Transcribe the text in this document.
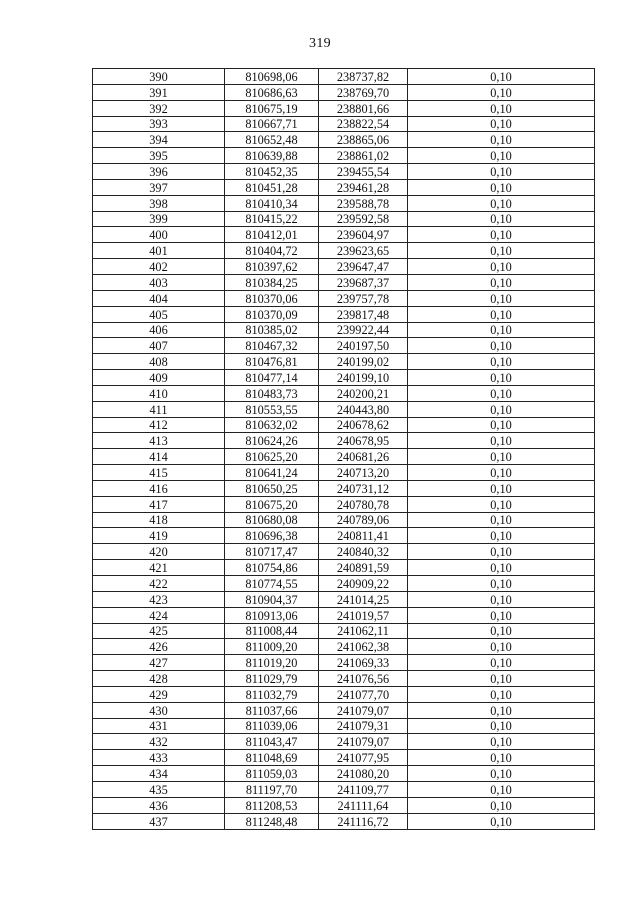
319
390	810698,06	238737,82	0,10
391	810686,63	238769,70	0,10
392	810675,19	238801,66	0,10
393	810667,71	238822,54	0,10
394	810652,48	238865,06	0,10
395	810639,88	238861,02	0,10
396	810452,35	239455,54	0,10
397	810451,28	239461,28	0,10
398	810410,34	239588,78	0,10
399	810415,22	239592,58	0,10
400	810412,01	239604,97	0,10
401	810404,72	239623,65	0,10
402	810397,62	239647,47	0,10
403	810384,25	239687,37	0,10
404	810370,06	239757,78	0,10
405	810370,09	239817,48	0,10
406	810385,02	239922,44	0,10
407	810467,32	240197,50	0,10
408	810476,81	240199,02	0,10
409	810477,14	240199,10	0,10
410	810483,73	240200,21	0,10
411	810553,55	240443,80	0,10
412	810632,02	240678,62	0,10
413	810624,26	240678,95	0,10
414	810625,20	240681,26	0,10
415	810641,24	240713,20	0,10
416	810650,25	240731,12	0,10
417	810675,20	240780,78	0,10
418	810680,08	240789,06	0,10
419	810696,38	240811,41	0,10
420	810717,47	240840,32	0,10
421	810754,86	240891,59	0,10
422	810774,55	240909,22	0,10
423	810904,37	241014,25	0,10
424	810913,06	241019,57	0,10
425	811008,44	241062,11	0,10
426	811009,20	241062,38	0,10
427	811019,20	241069,33	0,10
428	811029,79	241076,56	0,10
429	811032,79	241077,70	0,10
430	811037,66	241079,07	0,10
431	811039,06	241079,31	0,10
432	811043,47	241079,07	0,10
433	811048,69	241077,95	0,10
434	811059,03	241080,20	0,10
435	811197,70	241109,77	0,10
436	811208,53	241111,64	0,10
437	811248,48	241116,72	0,10
